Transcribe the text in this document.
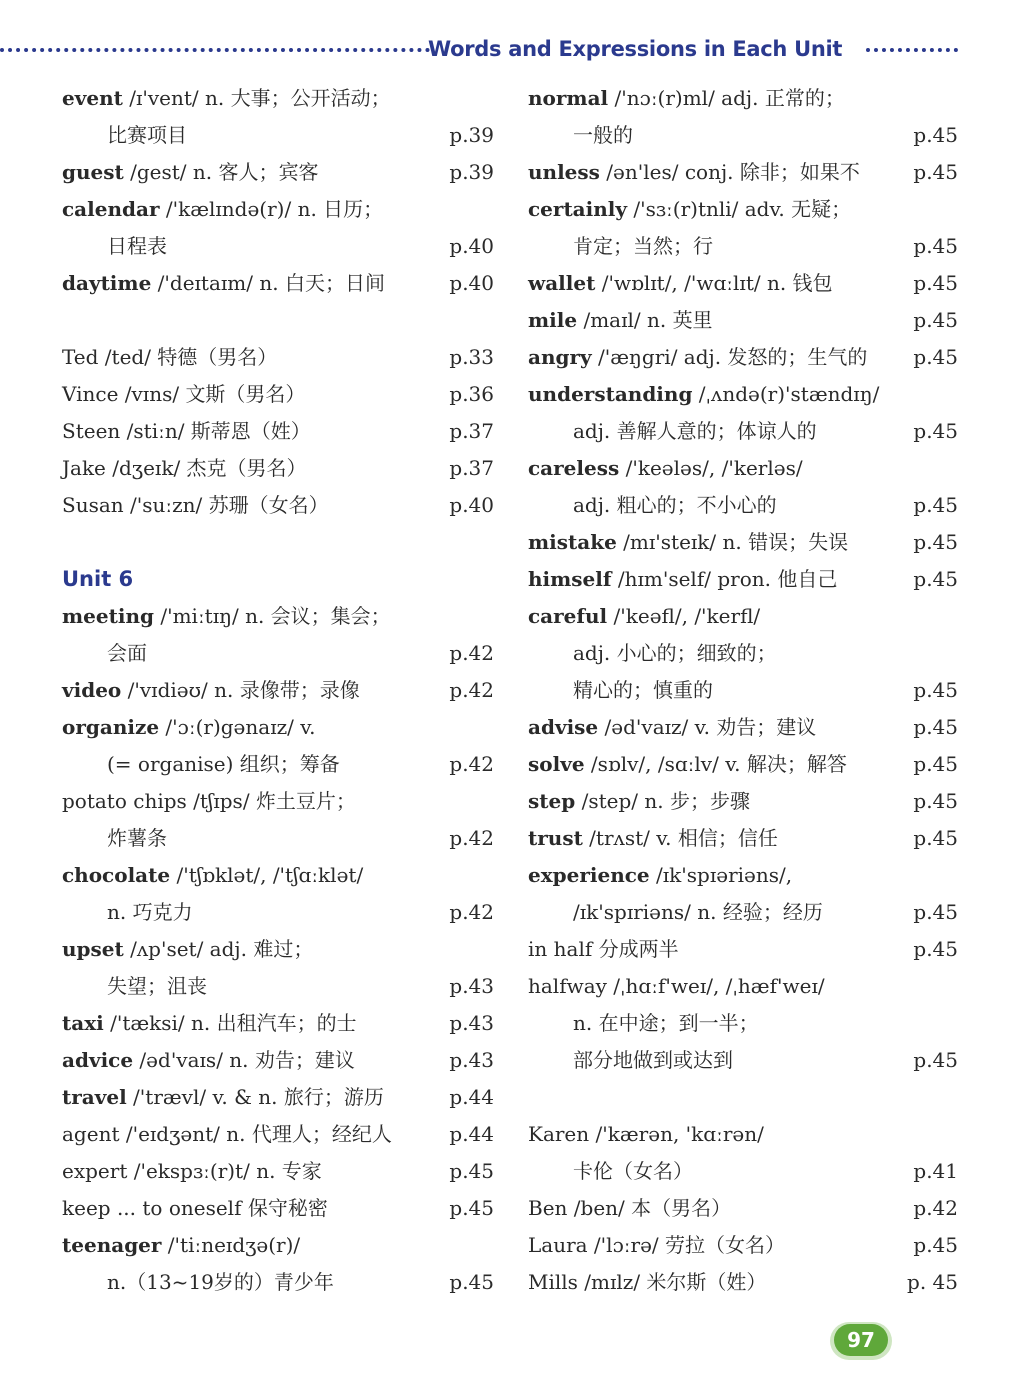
Words and Expressions in Each Unit
event /ɪ'vent/ n. 大事；公开活动；
比赛项目	p.39
guest /gest/ n. 客人；宾客	p.39
calendar /'kælɪndə(r)/ n. 日历；
日程表	p.40
daytime /'deɪtaɪm/ n. 白天；日间	p.40
Ted /ted/ 特德（男名）	p.33
Vince /vɪns/ 文斯（男名）	p.36
Steen /stiːn/ 斯蒂恩（姓）	p.37
Jake /dʒeɪk/ 杰克（男名）	p.37
Susan /'suːzn/ 苏珊（女名）	p.40
Unit 6
meeting /'miːtɪŋ/ n. 会议；集会；
会面	p.42
video /'vɪdiəʊ/ n. 录像带；录像	p.42
organize /'ɔː(r)gənaɪz/ v.
(= organise) 组织；筹备	p.42
potato chips /tʃɪps/ 炸土豆片；
炸薯条	p.42
chocolate /'tʃɒklət/, /'tʃɑːklət/
n. 巧克力	p.42
upset /ʌp'set/ adj. 难过；
失望；沮丧	p.43
taxi /'tæksi/ n. 出租汽车；的士	p.43
advice /əd'vaɪs/ n. 劝告；建议	p.43
travel /'trævl/ v. & n. 旅行；游历	p.44
agent /'eɪdʒənt/ n. 代理人；经纪人	p.44
expert /'ekspɜː(r)t/ n. 专家	p.45
keep ... to oneself 保守秘密	p.45
teenager /'tiːneɪdʒə(r)/
n.（13~19岁的）青少年	p.45
normal /'nɔː(r)ml/ adj. 正常的；
一般的	p.45
unless /ən'les/ conj. 除非；如果不	p.45
certainly /'sɜː(r)tnli/ adv. 无疑；
肯定；当然；行	p.45
wallet /'wɒlɪt/, /'wɑːlɪt/ n. 钱包	p.45
mile /maɪl/ n. 英里	p.45
angry /'æŋgri/ adj. 发怒的；生气的 p.45
understanding /ˌʌndə(r)'stændɪŋ/
adj. 善解人意的；体谅人的	p.45
careless /'keələs/, /'kerləs/
adj. 粗心的；不小心的	p.45
mistake /mɪ'steɪk/ n. 错误；失误	p.45
himself /hɪm'self/ pron. 他自己	p.45
careful /'keəfl/, /'kerfl/
adj. 小心的；细致的；
精心的；慎重的	p.45
advise /əd'vaɪz/ v. 劝告；建议	p.45
solve /sɒlv/, /sɑːlv/ v. 解决；解答	p.45
step /step/ n. 步；步骤	p.45
trust /trʌst/ v. 相信；信任	p.45
experience /ɪk'spɪəriəns/,
/ɪk'spɪriəns/ n. 经验；经历	p.45
in half 分成两半	p.45
halfway /ˌhɑːf'weɪ/, /ˌhæf'weɪ/
n. 在中途；到一半；
部分地做到或达到	p.45
Karen /'kærən, 'kɑːrən/
卡伦（女名）	p.41
Ben /ben/ 本（男名）	p.42
Laura /'lɔːrə/ 劳拉（女名）	p.45
Mills /mɪlz/ 米尔斯（姓）	p. 45
97
